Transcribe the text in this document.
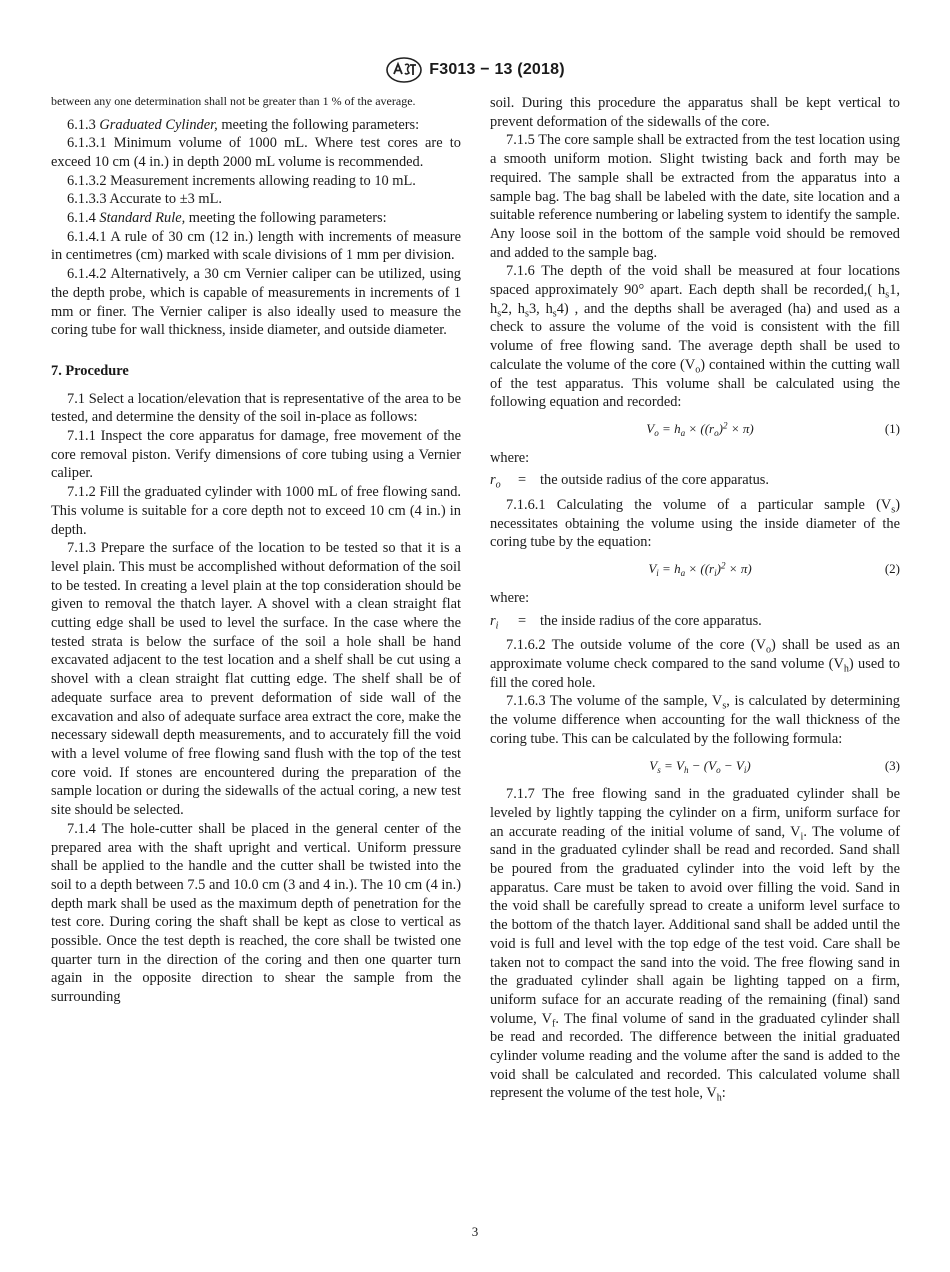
F3013 − 13 (2018)

between any one determination shall not be greater than 1 % of the average.

6.1.3 Graduated Cylinder, meeting the following parameters:

6.1.3.1 Minimum volume of 1000 mL. Where test cores are to exceed 10 cm (4 in.) in depth 2000 mL volume is recommended.

6.1.3.2 Measurement increments allowing reading to 10 mL.

6.1.3.3 Accurate to ±3 mL.

6.1.4 Standard Rule, meeting the following parameters:

6.1.4.1 A rule of 30 cm (12 in.) length with increments of measure in centimetres (cm) marked with scale divisions of 1 mm per division.

6.1.4.2 Alternatively, a 30 cm Vernier caliper can be utilized, using the depth probe, which is capable of measurements in increments of 1 mm or finer. The Vernier caliper is also ideally used to measure the coring tube for wall thickness, inside diameter, and outside diameter.

7. Procedure

7.1 Select a location/elevation that is representative of the area to be tested, and determine the density of the soil in-place as follows:

7.1.1 Inspect the core apparatus for damage, free movement of the core removal piston. Verify dimensions of core tubing using a Vernier caliper.

7.1.2 Fill the graduated cylinder with 1000 mL of free flowing sand. This volume is suitable for a core depth not to exceed 10 cm (4 in.) in depth.

7.1.3 Prepare the surface of the location to be tested so that it is a level plain. This must be accomplished without deformation of the soil to be tested. In creating a level plain at the top consideration should be given to removal the thatch layer. A shovel with a clean straight flat cutting edge shall be used to level the surface. In the case where the tested strata is below the surface of the soil a hole shall be hand excavated adjacent to the test location and a shelf shall be cut using a shovel with a clean straight flat cutting edge. The shelf shall be of adequate surface area to prevent deformation of side wall of the excavation and also of adequate surface area extract the core, make the necessary sidewall depth measurements, and to accurately fill the void with a level volume of free flowing sand flush with the top of the test core void. If stones are encountered during the preparation of the sample location or during the sidewalls of the actual coring, a new test site should be selected.

7.1.4 The hole-cutter shall be placed in the general center of the prepared area with the shaft upright and vertical. Uniform pressure shall be applied to the handle and the cutter shall be twisted into the soil to a depth between 7.5 and 10.0 cm (3 and 4 in.). The 10 cm (4 in.) depth mark shall be used as the maximum depth of penetration for the test core. During coring the shaft shall be kept as close to vertical as possible. Once the test depth is reached, the core shall be twisted one quarter turn in the direction of the coring and then one quarter turn again in the opposite direction to shear the sample from the surrounding

soil. During this procedure the apparatus shall be kept vertical to prevent deformation of the sidewalls of the core.

7.1.5 The core sample shall be extracted from the test location using a smooth uniform motion. Slight twisting back and forth may be required. The sample shall be extracted from the apparatus into a sample bag. The bag shall be labeled with the date, site location and a suitable reference numbering or labeling system to identify the sample. Any loose soil in the bottom of the sample void should be removed and added to the sample bag.

7.1.6 The depth of the void shall be measured at four locations spaced approximately 90° apart. Each depth shall be recorded,( $h_s1$, $h_s2$, $h_s3$, $h_s4$) , and the depths shall be averaged (ha) and used as a check to assure the volume of the void is consistent with the fill volume of free flowing sand. The average depth shall be used to calculate the volume of the core $(V_o)$ contained within the cutting wall of the test apparatus. This volume shall be calculated using the following equation and recorded:

$V_o = h_a \times ((r_o)^2 \times \pi)$	(1)

where:

$r_o$	= the outside radius of the core apparatus.

7.1.6.1 Calculating the volume of a particular sample $(V_s)$ necessitates obtaining the volume using the inside diameter of the coring tube by the equation:

$V_i = h_a \times ((r_i)^2 \times \pi)$	(2)

where:

$r_i$	= the inside radius of the core apparatus.

7.1.6.2 The outside volume of the core $(V_o)$ shall be used as an approximate volume check compared to the sand volume $(V_h)$ used to fill the cored hole.

7.1.6.3 The volume of the sample, $V_s$, is calculated by determining the volume difference when accounting for the wall thickness of the coring tube. This can be calculated by the following formula:

$V_s = V_h - (V_o - V_i)$	(3)

7.1.7 The free flowing sand in the graduated cylinder shall be leveled by lightly tapping the cylinder on a firm, uniform surface for an accurate reading of the initial volume of sand, $V_i$. The volume of sand in the graduated cylinder shall be read and recorded. Sand shall be poured from the graduated cylinder into the void left by the apparatus. Care must be taken to avoid over filling the void. Sand in the void shall be carefully spread to create a uniform level surface to the bottom of the thatch layer. Additional sand shall be added until the void is full and level with the top edge of the test void. Care shall be taken not to compact the sand into the void. The free flowing sand in the graduated cylinder shall again be lighting tapped on a firm, uniform suface for an accurate reading of the remaining (final) sand volume, $V_f$. The final volume of sand in the graduated cylinder shall be read and recorded. The difference between the initial graduated cylinder volume reading and the volume after the sand is added to the void shall be calculated and recorded. This calculated volume shall represent the volume of the test hole, $V_h$:

3
